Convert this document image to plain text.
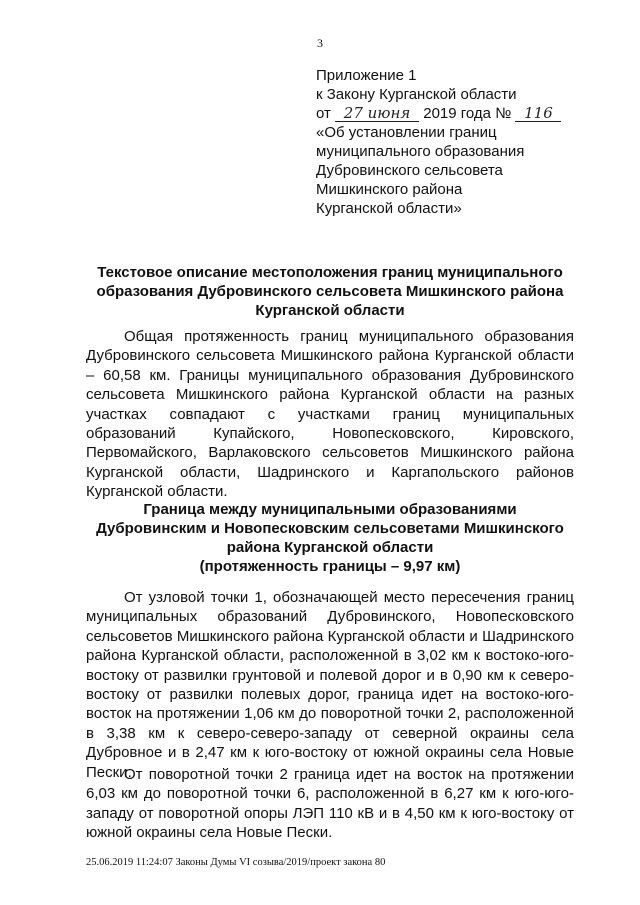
3
Приложение 1
к Закону Курганской области
от 27 июня 2019 года № 116
«Об установлении границ
муниципального образования
Дубровинского сельсовета
Мишкинского района
Курганской области»
Текстовое описание местоположения границ муниципального образования Дубровинского сельсовета Мишкинского района Курганской области

Общая протяженность границ муниципального образования Дубровинского сельсовета Мишкинского района Курганской области – 60,58 км. Границы муниципального образования Дубровинского сельсовета Мишкинского района Курганской области на разных участках совпадают с участками границ муниципальных образований Купайского, Новопесковского, Кировского, Первомайского, Варлаковского сельсоветов Мишкинского района Курганской области, Шадринского и Каргапольского районов Курганской области.

Граница между муниципальными образованиями
Дубровинским и Новопесковским сельсоветами Мишкинского
района Курганской области
(протяженность границы – 9,97 км)

От узловой точки 1, обозначающей место пересечения границ муниципальных образований Дубровинского, Новопесковского сельсоветов Мишкинского района Курганской области и Шадринского района Курганской области, расположенной в 3,02 км к востоко-юго-востоку от развилки грунтовой и полевой дорог и в 0,90 км к северо-востоку от развилки полевых дорог, граница идет на востоко-юго-восток на протяжении 1,06 км до поворотной точки 2, расположенной в 3,38 км к северо-северо-западу от северной окраины села Дубровное и в 2,47 км к юго-востоку от южной окраины села Новые Пески.

От поворотной точки 2 граница идет на восток на протяжении 6,03 км до поворотной точки 6, расположенной в 6,27 км к юго-юго-западу от поворотной опоры ЛЭП 110 кВ и в 4,50 км к юго-востоку от южной окраины села Новые Пески.

25.06.2019 11:24:07 Законы Думы VI созыва/2019/проект закона 80
